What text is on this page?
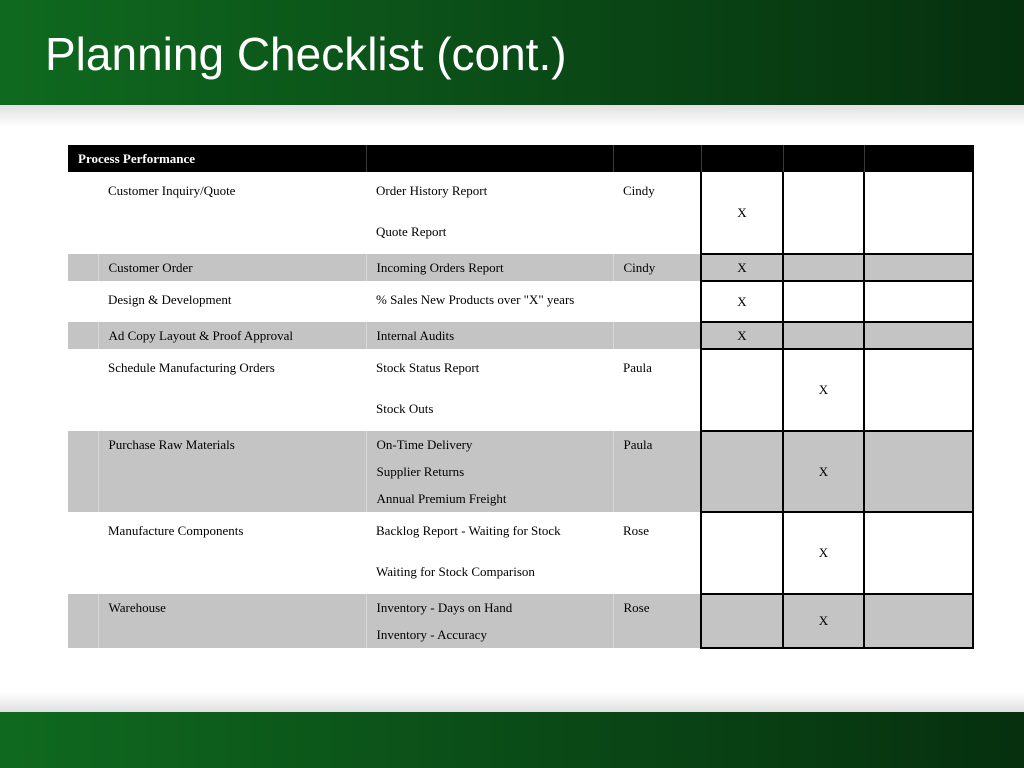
Planning Checklist (cont.)
Process Performance						
	Customer Inquiry/Quote	Order History Report	Cindy	X		
		Quote Report				
	Customer Order	Incoming Orders Report	Cindy	X		
	Design & Development	% Sales New Products over "X" years		X		
	Ad Copy Layout & Proof Approval	Internal Audits		X		
	Schedule Manufacturing Orders	Stock Status Report	Paula		X	
		Stock Outs				
	Purchase Raw Materials	On-Time Delivery	Paula		X	
		Supplier Returns				
		Annual Premium Freight				
	Manufacture Components	Backlog Report - Waiting for Stock	Rose		X	
		Waiting for Stock Comparison				
	Warehouse	Inventory - Days on Hand	Rose		X	
		Inventory - Accuracy				
